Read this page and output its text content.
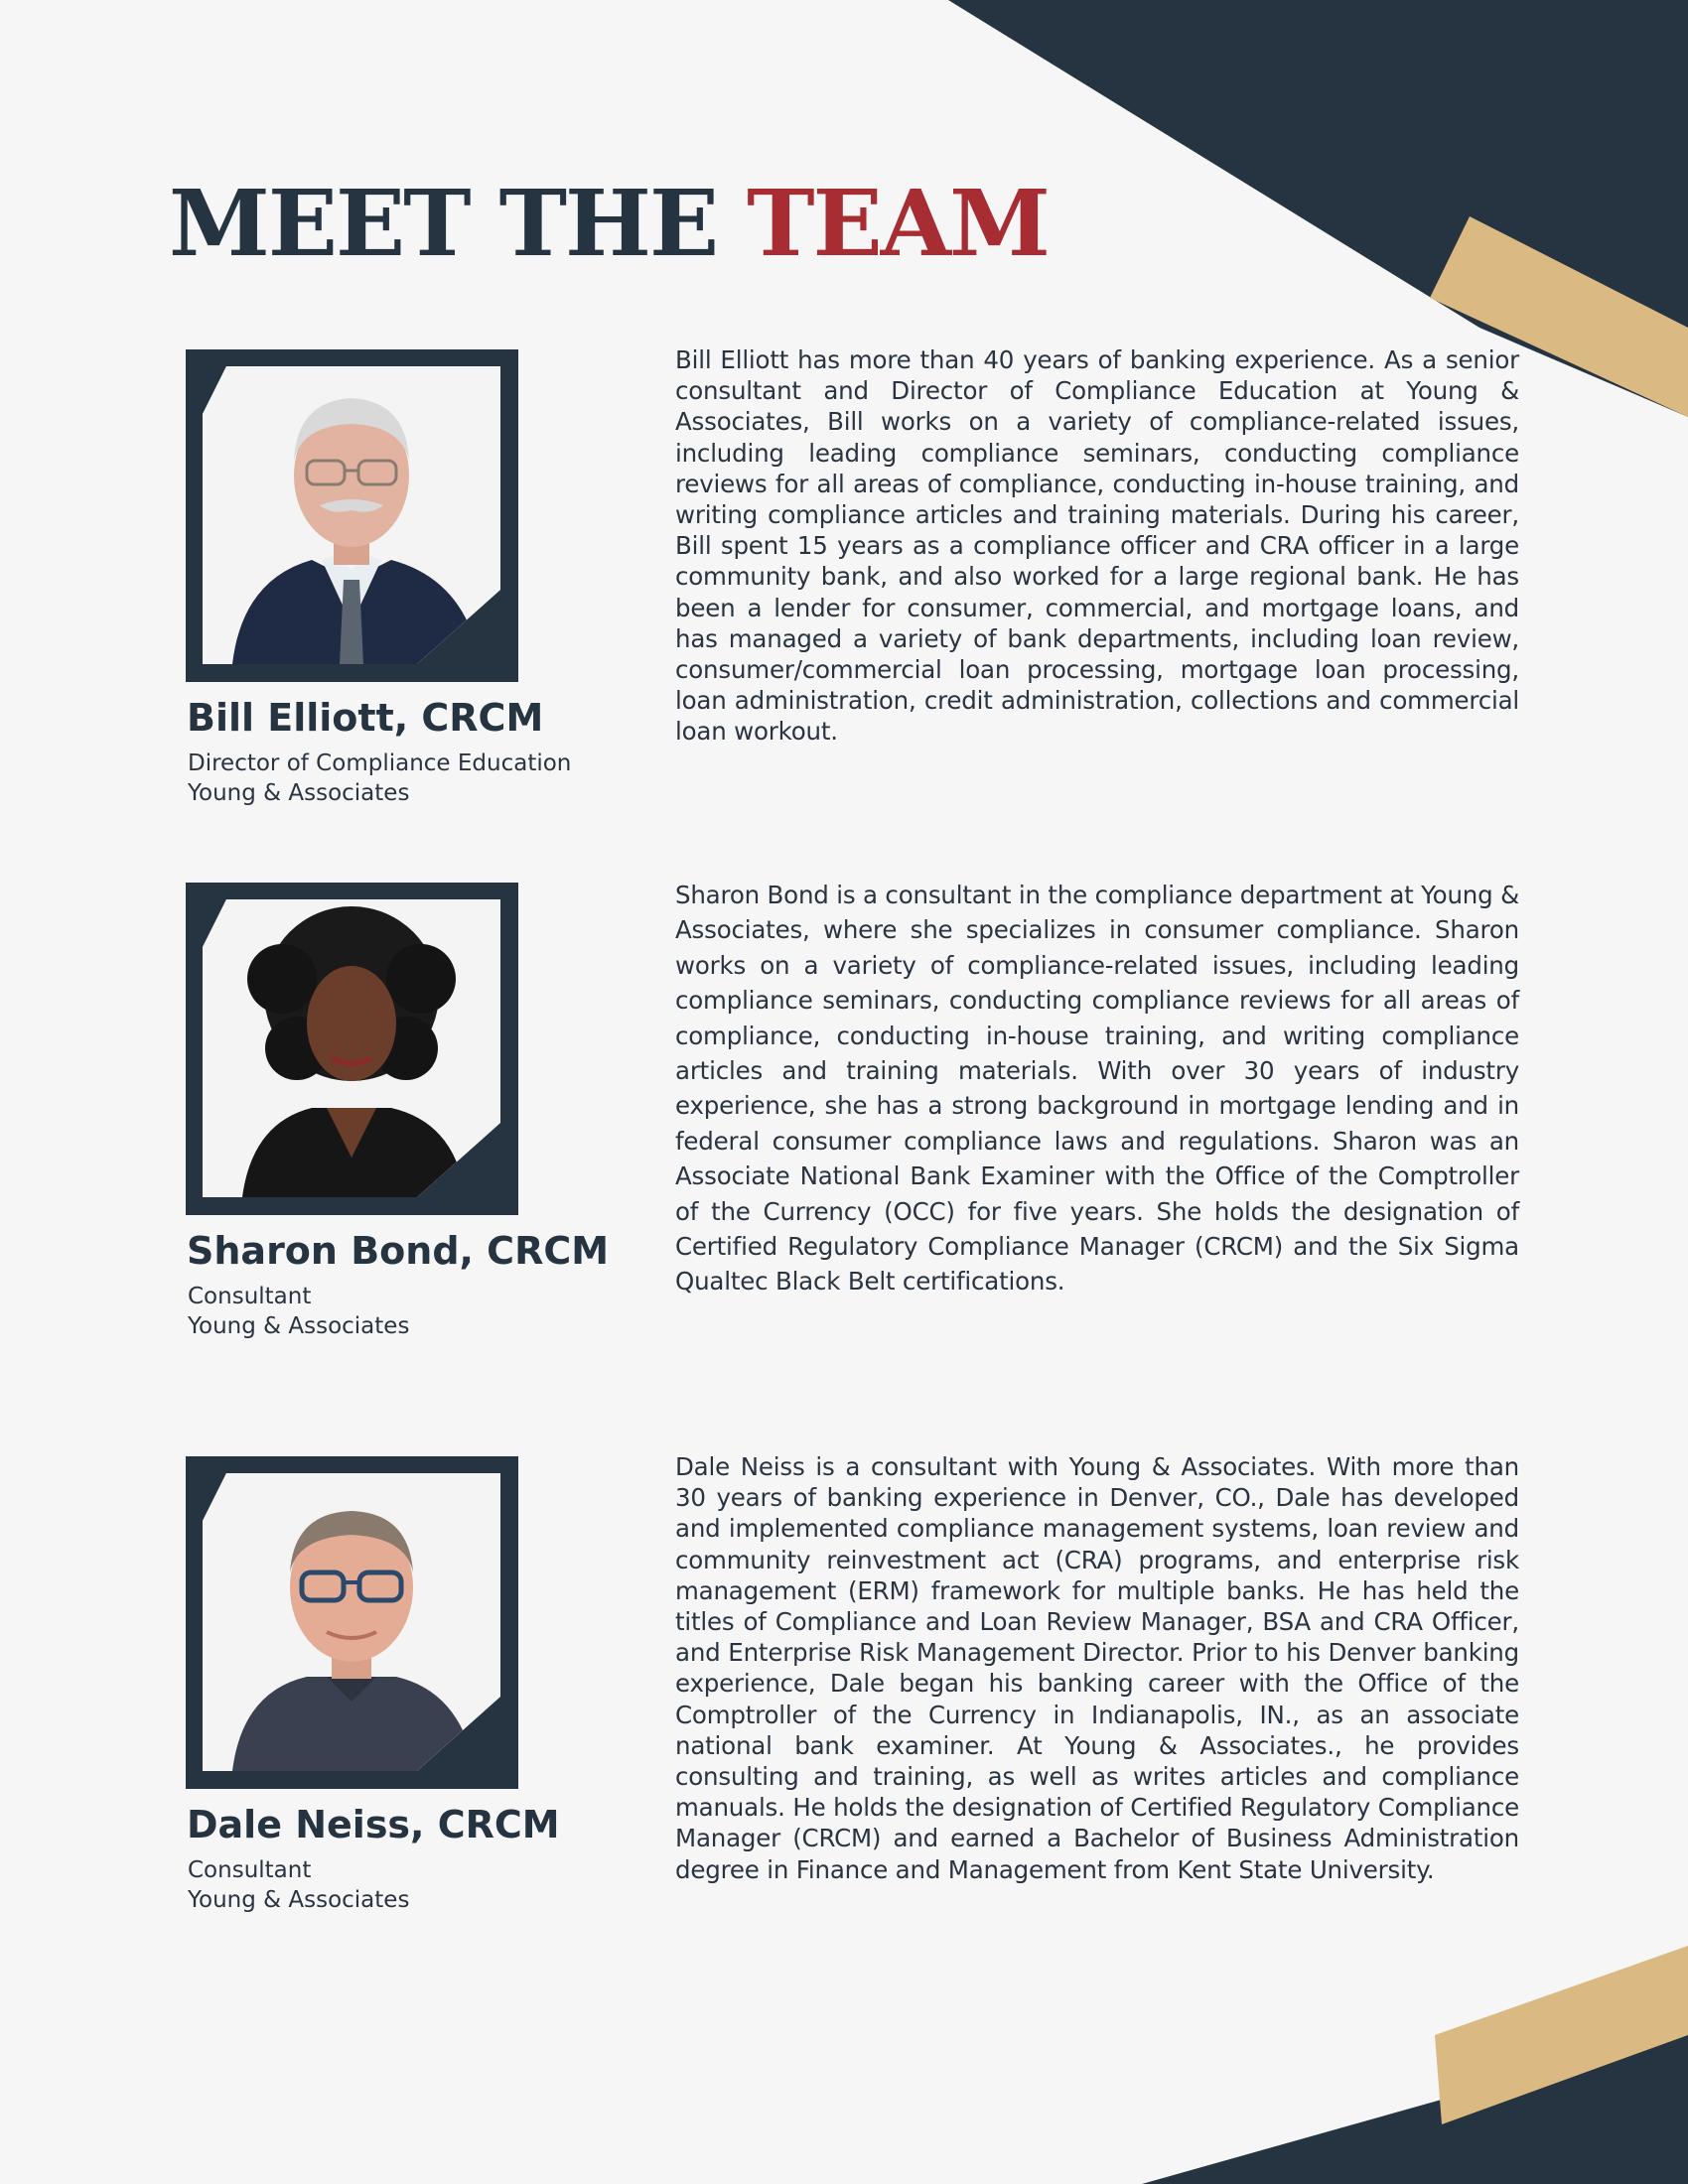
MEET THE TEAM
Bill Elliott, CRCM
Director of Compliance Education
Young & Associates

Bill Elliott has more than 40 years of banking experience. As a senior consultant and Director of Compliance Education at Young & Associates, Bill works on a variety of compliance-related issues, including leading compliance seminars, conducting compliance reviews for all areas of compliance, conducting in-house training, and writing compliance articles and training materials. During his career, Bill spent 15 years as a compliance officer and CRA officer in a large community bank, and also worked for a large regional bank. He has been a lender for consumer, commercial, and mortgage loans, and has managed a variety of bank departments, including loan review, consumer/commercial loan processing, mortgage loan processing, loan administration, credit administration, collections and commercial loan workout.

Sharon Bond, CRCM
Consultant
Young & Associates

Sharon Bond is a consultant in the compliance department at Young & Associates, where she specializes in consumer compliance. Sharon works on a variety of compliance-related issues, including leading compliance seminars, conducting compliance reviews for all areas of compliance, conducting in-house training, and writing compliance articles and training materials. With over 30 years of industry experience, she has a strong background in mortgage lending and in federal consumer compliance laws and regulations. Sharon was an Associate National Bank Examiner with the Office of the Comptroller of the Currency (OCC) for five years. She holds the designation of Certified Regulatory Compliance Manager (CRCM) and the Six Sigma Qualtec Black Belt certifications.

Dale Neiss, CRCM
Consultant
Young & Associates

Dale Neiss is a consultant with Young & Associates. With more than 30 years of banking experience in Denver, CO., Dale has developed and implemented compliance management systems, loan review and community reinvestment act (CRA) programs, and enterprise risk management (ERM) framework for multiple banks. He has held the titles of Compliance and Loan Review Manager, BSA and CRA Officer, and Enterprise Risk Management Director. Prior to his Denver banking experience, Dale began his banking career with the Office of the Comptroller of the Currency in Indianapolis, IN., as an associate national bank examiner. At Young & Associates., he provides consulting and training, as well as writes articles and compliance manuals. He holds the designation of Certified Regulatory Compliance Manager (CRCM) and earned a Bachelor of Business Administration degree in Finance and Management from Kent State University.
